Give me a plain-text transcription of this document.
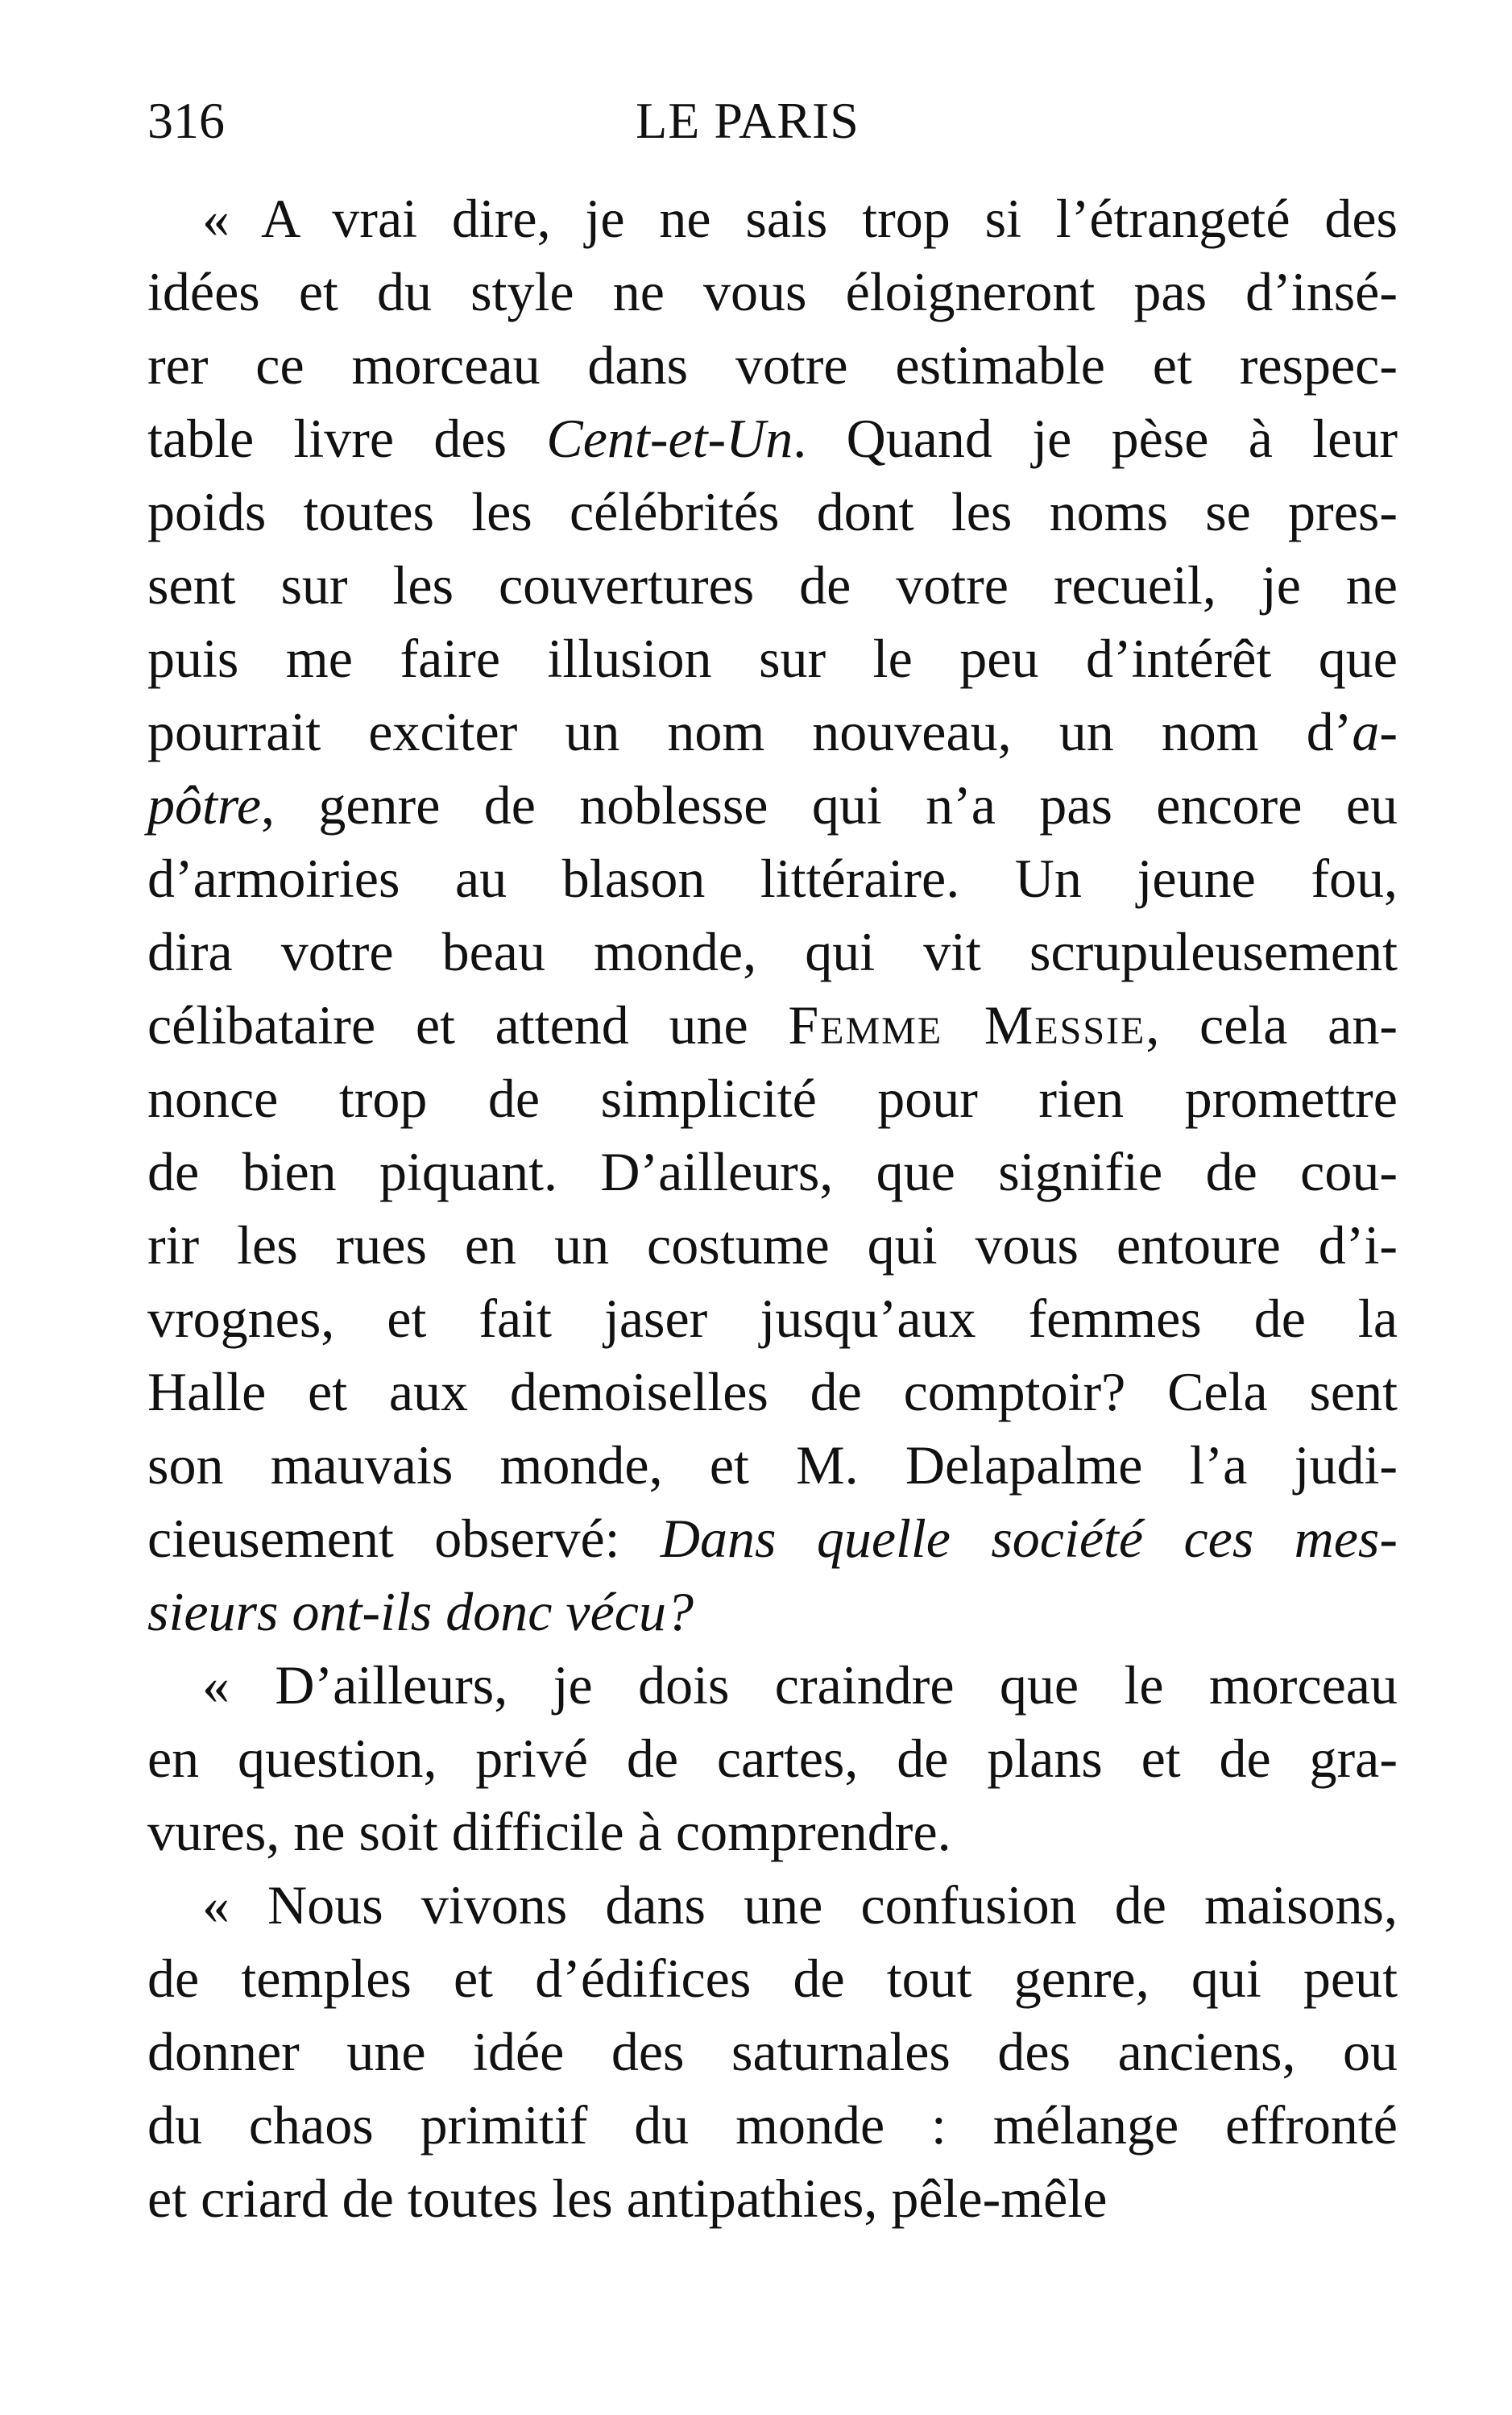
316	LE PARIS
« A vrai dire, je ne sais trop si l’étrangeté des
idées et du style ne vous éloigneront pas d’insé-
rer ce morceau dans votre estimable et respec-
table livre des Cent-et-Un. Quand je pèse à leur
poids toutes les célébrités dont les noms se pres-
sent sur les couvertures de votre recueil, je ne
puis me faire illusion sur le peu d’intérêt que
pourrait exciter un nom nouveau, un nom d’a-
pôtre, genre de noblesse qui n’a pas encore eu
d’armoiries au blason littéraire. Un jeune fou,
dira votre beau monde, qui vit scrupuleusement
célibataire et attend une Femme Messie, cela an-
nonce trop de simplicité pour rien promettre
de bien piquant. D’ailleurs, que signifie de cou-
rir les rues en un costume qui vous entoure d’i-
vrognes, et fait jaser jusqu’aux femmes de la
Halle et aux demoiselles de comptoir? Cela sent
son mauvais monde, et M. Delapalme l’a judi-
cieusement observé: Dans quelle société ces mes-
sieurs ont-ils donc vécu?
« D’ailleurs, je dois craindre que le morceau
en question, privé de cartes, de plans et de gra-
vures, ne soit difficile à comprendre.
« Nous vivons dans une confusion de maisons,
de temples et d’édifices de tout genre, qui peut
donner une idée des saturnales des anciens, ou
du chaos primitif du monde : mélange effronté
et criard de toutes les antipathies, pêle-mêle
